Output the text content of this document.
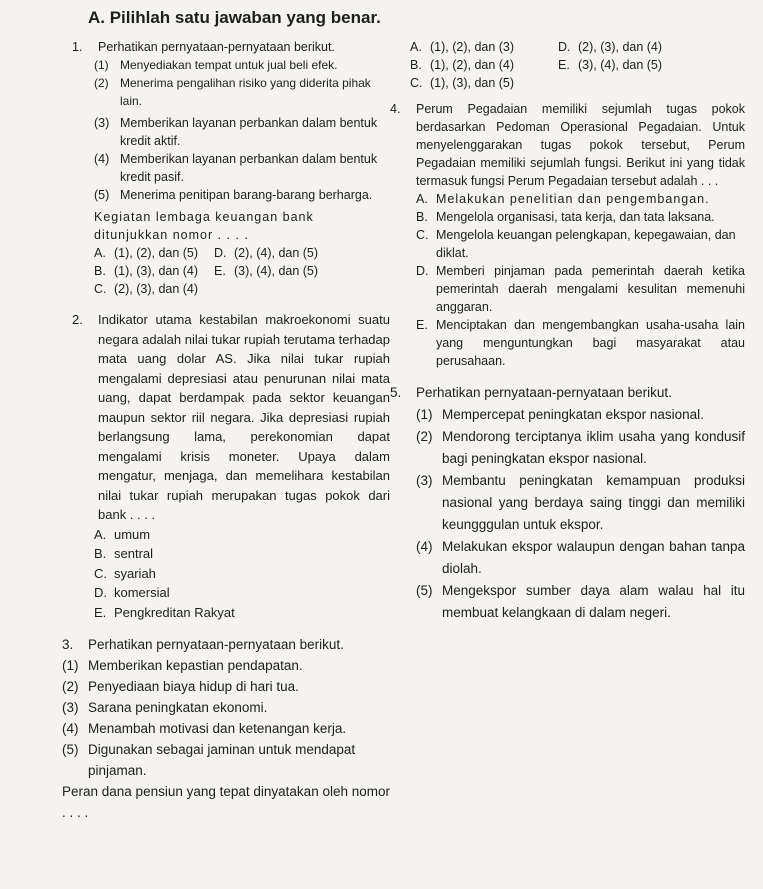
A. Pilihlah satu jawaban yang benar.
1.	Perhatikan pernyataan-pernyataan berikut.
(1) Menyediakan tempat untuk jual beli efek.
(2) Menerima pengalihan risiko yang diderita pihak lain.
(3) Memberikan layanan perbankan dalam bentuk kredit aktif.
(4) Memberikan layanan perbankan dalam bentuk kredit pasif.
(5) Menerima penitipan barang-barang berharga.
Kegiatan lembaga keuangan bank ditunjukkan nomor . . . .
A. (1), (2), dan (5) D. (2), (4), dan (5)
B. (1), (3), dan (4) E. (3), (4), dan (5)
C. (2), (3), dan (4)
2.	Indikator utama kestabilan makroekonomi suatu negara adalah nilai tukar rupiah terutama terhadap mata uang dolar AS. Jika nilai tukar rupiah mengalami depresiasi atau penurunan nilai mata uang, dapat berdampak pada sektor keuangan maupun sektor riil negara. Jika depresiasi rupiah berlangsung lama, perekonomian dapat mengalami krisis moneter. Upaya dalam mengatur, menjaga, dan memelihara kestabilan nilai tukar rupiah merupakan tugas pokok dari bank . . . .
A. umum
B. sentral
C. syariah
D. komersial
E. Pengkreditan Rakyat
3.	Perhatikan pernyataan-pernyataan berikut.
(1) Memberikan kepastian pendapatan.
(2) Penyediaan biaya hidup di hari tua.
(3) Sarana peningkatan ekonomi.
(4) Menambah motivasi dan ketenangan kerja.
(5) Digunakan sebagai jaminan untuk mendapat pinjaman.
Peran dana pensiun yang tepat dinyatakan oleh nomor . . . .
A. (1), (2), dan (3)	D. (2), (3), dan (4)
B. (1), (2), dan (4)	E. (3), (4), dan (5)
C. (1), (3), dan (5)
4.	Perum Pegadaian memiliki sejumlah tugas pokok berdasarkan Pedoman Operasional Pegadaian. Untuk menyelenggarakan tugas pokok tersebut, Perum Pegadaian memiliki sejumlah fungsi. Berikut ini yang tidak termasuk fungsi Perum Pegadaian tersebut adalah . . .
A. Melakukan penelitian dan pengembangan.
B. Mengelola organisasi, tata kerja, dan tata laksana.
C. Mengelola keuangan pelengkapan, kepegawaian, dan diklat.
D. Memberi pinjaman pada pemerintah daerah ketika pemerintah daerah mengalami kesulitan memenuhi anggaran.
E. Menciptakan dan mengembangkan usaha-usaha lain yang menguntungkan bagi masyarakat atau perusahaan.
5.	Perhatikan pernyataan-pernyataan berikut.
(1) Mempercepat peningkatan ekspor nasional.
(2) Mendorong terciptanya iklim usaha yang kondusif bagi peningkatan ekspor nasional.
(3) Membantu peningkatan kemampuan produksi nasional yang berdaya saing tinggi dan memiliki keungggulan untuk ekspor.
(4) Melakukan ekspor walaupun dengan bahan tanpa diolah.
(5) Mengekspor sumber daya alam walau hal itu membuat kelangkaan di dalam negeri.
